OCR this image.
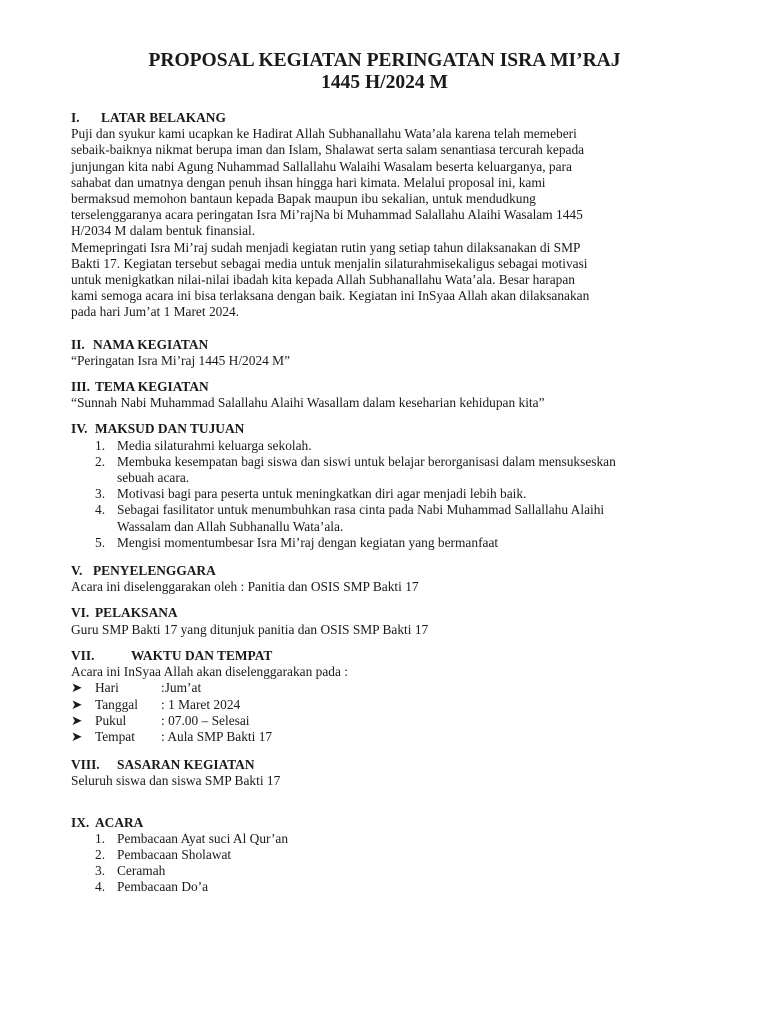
PROPOSAL KEGIATAN PERINGATAN ISRA MI’RAJ
1445 H/2024 M
I.	LATAR BELAKANG
Puji dan syukur kami ucapkan ke Hadirat Allah Subhanallahu Wata’ala karena telah memeberi
sebaik-baiknya nikmat berupa iman dan Islam, Shalawat serta salam senantiasa tercurah kepada
junjungan kita nabi Agung Nuhammad Sallallahu Walaihi Wasalam beserta keluarganya, para
sahabat dan umatnya dengan penuh ihsan hingga hari kimata. Melalui proposal ini, kami
bermaksud memohon bantaun kepada Bapak maupun ibu sekalian, untuk mendudkung
terselenggaranya acara peringatan Isra Mi’rajNa bi Muhammad Salallahu Alaihi Wasalam 1445
H/2034 M dalam bentuk finansial.
Memepringati Isra Mi’raj sudah menjadi kegiatan rutin yang setiap tahun dilaksanakan di SMP
Bakti 17. Kegiatan tersebut sebagai media untuk menjalin silaturahmisekaligus sebagai motivasi
untuk menigkatkan nilai-nilai ibadah kita kepada Allah Subhanallahu Wata’ala. Besar harapan
kami semoga acara ini bisa terlaksana dengan baik. Kegiatan ini InSyaa Allah akan dilaksanakan
pada hari Jum’at 1 Maret 2024.
II. NAMA KEGIATAN
“Peringatan Isra Mi’raj 1445 H/2024 M”
III. TEMA KEGIATAN
“Sunnah Nabi Muhammad Salallahu Alaihi Wasallam dalam keseharian kehidupan kita”
IV. MAKSUD DAN TUJUAN
1. Media silaturahmi keluarga sekolah.
2. Membuka kesempatan bagi siswa dan siswi untuk belajar berorganisasi dalam mensukseskan
sebuah acara.
3. Motivasi bagi para peserta untuk meningkatkan diri agar menjadi lebih baik.
4. Sebagai fasilitator untuk menumbuhkan rasa cinta pada Nabi Muhammad Sallallahu Alaihi
Wassalam dan Allah Subhanallu Wata’ala.
5. Mengisi momentumbesar Isra Mi’raj dengan kegiatan yang bermanfaat
V. PENYELENGGARA
Acara ini diselenggarakan oleh : Panitia dan OSIS SMP Bakti 17
VI. PELAKSANA
Guru SMP Bakti 17 yang ditunjuk panitia dan OSIS SMP Bakti 17
VII.	WAKTU DAN TEMPAT
Acara ini InSyaa Allah akan diselenggarakan pada :
➤ Hari	:Jum’at
➤ Tanggal	: 1 Maret 2024
➤ Pukul	: 07.00 – Selesai
➤ Tempat	: Aula SMP Bakti 17
VIII.	SASARAN KEGIATAN
Seluruh siswa dan siswa SMP Bakti 17
IX. ACARA
1. Pembacaan Ayat suci Al Qur’an
2. Pembacaan Sholawat
3. Ceramah
4. Pembacaan Do’a
